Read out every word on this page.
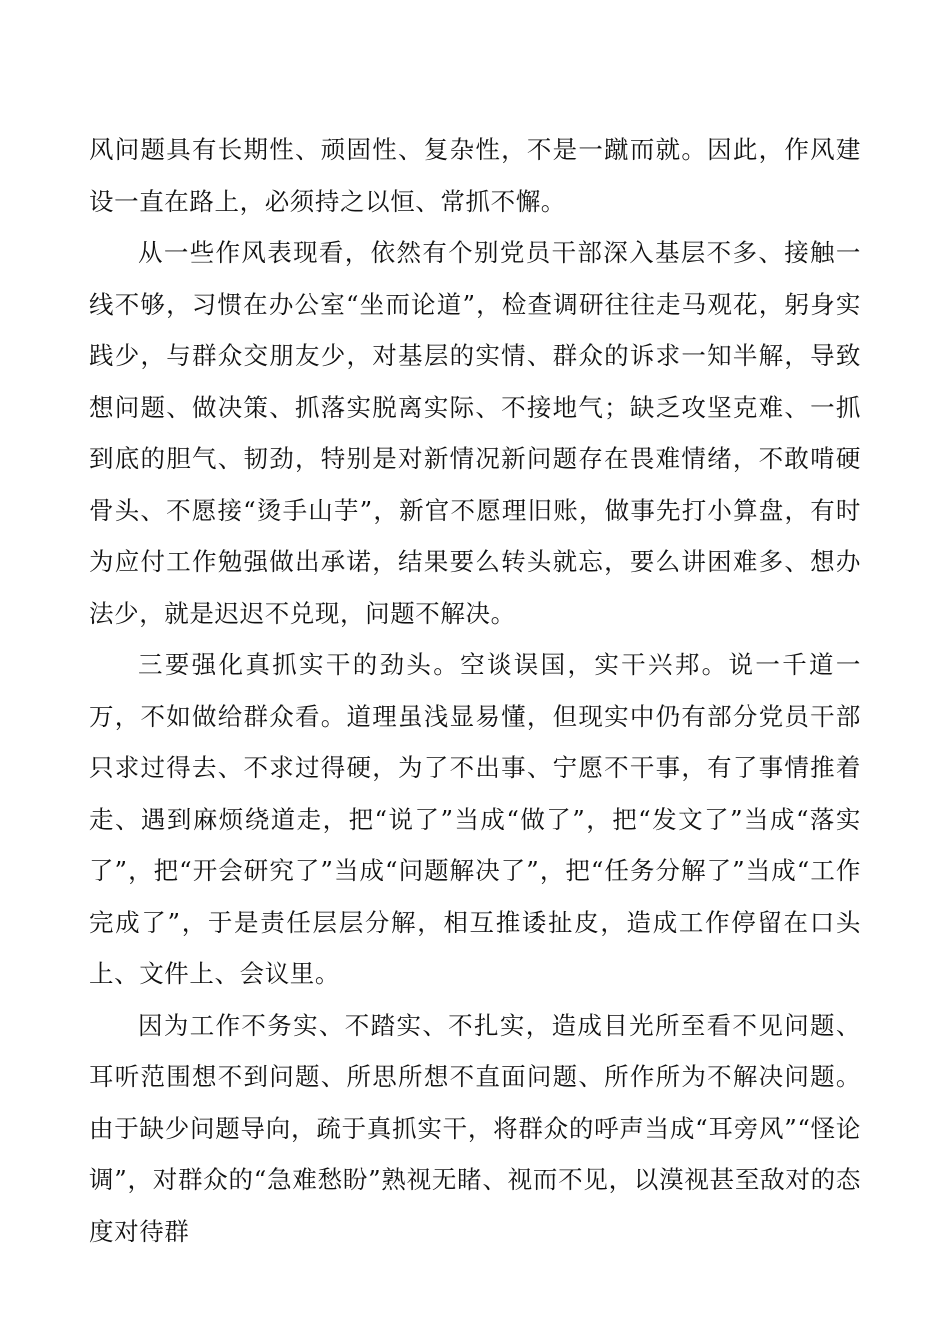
风问题具有长期性、顽固性、复杂性，不是一蹴而就。因此，作风建设一直在路上，必须持之以恒、常抓不懈。

从一些作风表现看，依然有个别党员干部深入基层不多、接触一线不够，习惯在办公室“坐而论道”，检查调研往往走马观花，躬身实践少，与群众交朋友少，对基层的实情、群众的诉求一知半解，导致想问题、做决策、抓落实脱离实际、不接地气；缺乏攻坚克难、一抓到底的胆气、韧劲，特别是对新情况新问题存在畏难情绪，不敢啃硬骨头、不愿接“烫手山芋”，新官不愿理旧账，做事先打小算盘，有时为应付工作勉强做出承诺，结果要么转头就忘，要么讲困难多、想办法少，就是迟迟不兑现，问题不解决。

三要强化真抓实干的劲头。空谈误国，实干兴邦。说一千道一万，不如做给群众看。道理虽浅显易懂，但现实中仍有部分党员干部只求过得去、不求过得硬，为了不出事、宁愿不干事，有了事情推着走、遇到麻烦绕道走，把“说了”当成“做了”，把“发文了”当成“落实了”，把“开会研究了”当成“问题解决了”，把“任务分解了”当成“工作完成了”，于是责任层层分解，相互推诿扯皮，造成工作停留在口头上、文件上、会议里。

因为工作不务实、不踏实、不扎实，造成目光所至看不见问题、耳听范围想不到问题、所思所想不直面问题、所作所为不解决问题。由于缺少问题导向，疏于真抓实干，将群众的呼声当成“耳旁风”“怪论调”，对群众的“急难愁盼”熟视无睹、视而不见，以漠视甚至敌对的态度对待群
